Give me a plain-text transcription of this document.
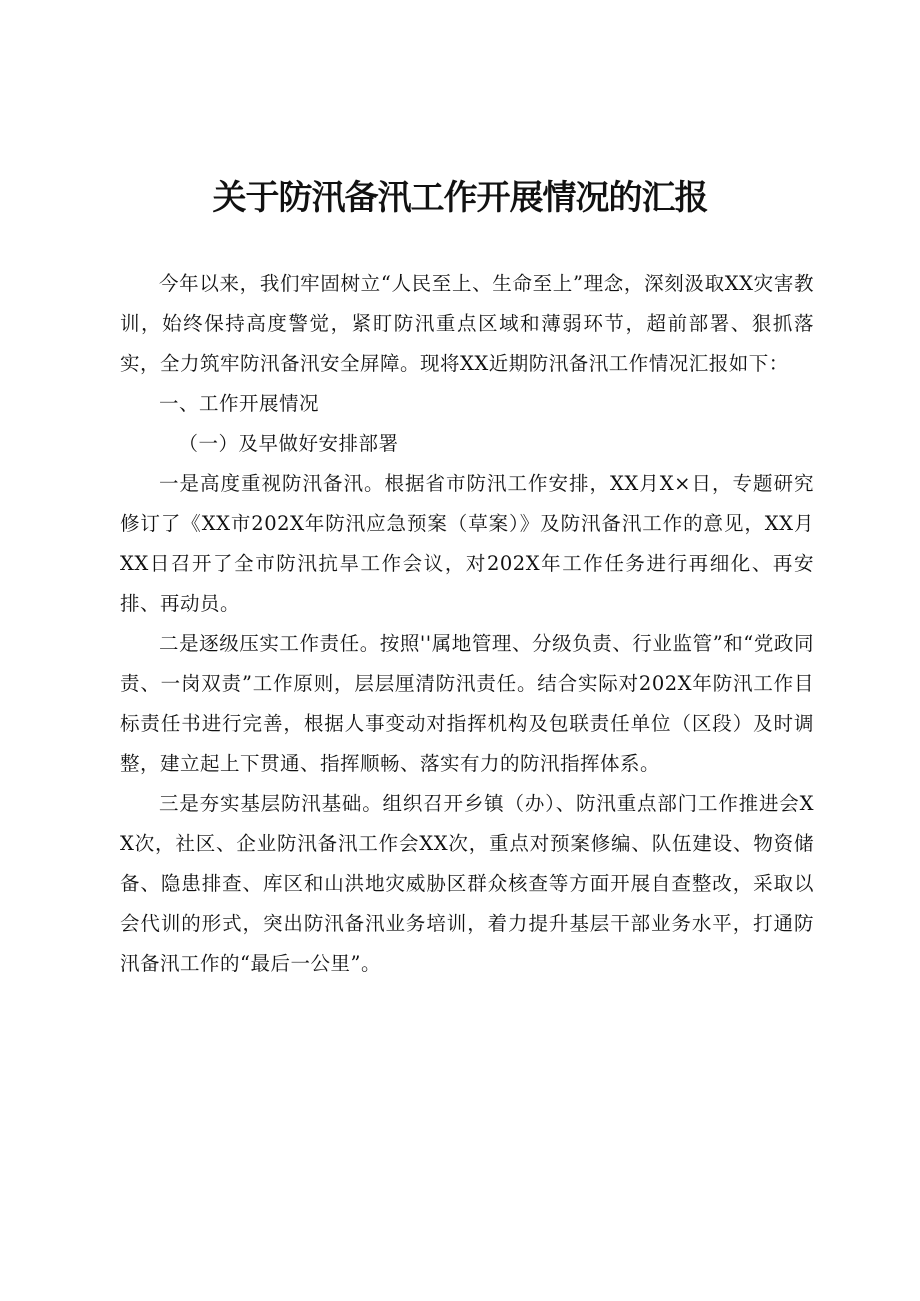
关于防汛备汛工作开展情况的汇报

今年以来，我们牢固树立“人民至上、生命至上”理念，深刻汲取XX灾害教训，始终保持高度警觉，紧盯防汛重点区域和薄弱环节，超前部署、狠抓落实，全力筑牢防汛备汛安全屏障。现将XX近期防汛备汛工作情况汇报如下：

一、工作开展情况

（一）及早做好安排部署

一是高度重视防汛备汛。根据省市防汛工作安排，XX月X×日，专题研究修订了《XX市202X年防汛应急预案（草案）》及防汛备汛工作的意见，XX月XX日召开了全市防汛抗旱工作会议，对202X年工作任务进行再细化、再安排、再动员。

二是逐级压实工作责任。按照''属地管理、分级负责、行业监管”和“党政同责、一岗双责”工作原则，层层厘清防汛责任。结合实际对202X年防汛工作目标责任书进行完善，根据人事变动对指挥机构及包联责任单位（区段）及时调整，建立起上下贯通、指挥顺畅、落实有力的防汛指挥体系。

三是夯实基层防汛基础。组织召开乡镇（办）、防汛重点部门工作推进会XX次，社区、企业防汛备汛工作会XX次，重点对预案修编、队伍建设、物资储备、隐患排查、库区和山洪地灾威胁区群众核查等方面开展自查整改，采取以会代训的形式，突出防汛备汛业务培训，着力提升基层干部业务水平，打通防汛备汛工作的“最后一公里”。
